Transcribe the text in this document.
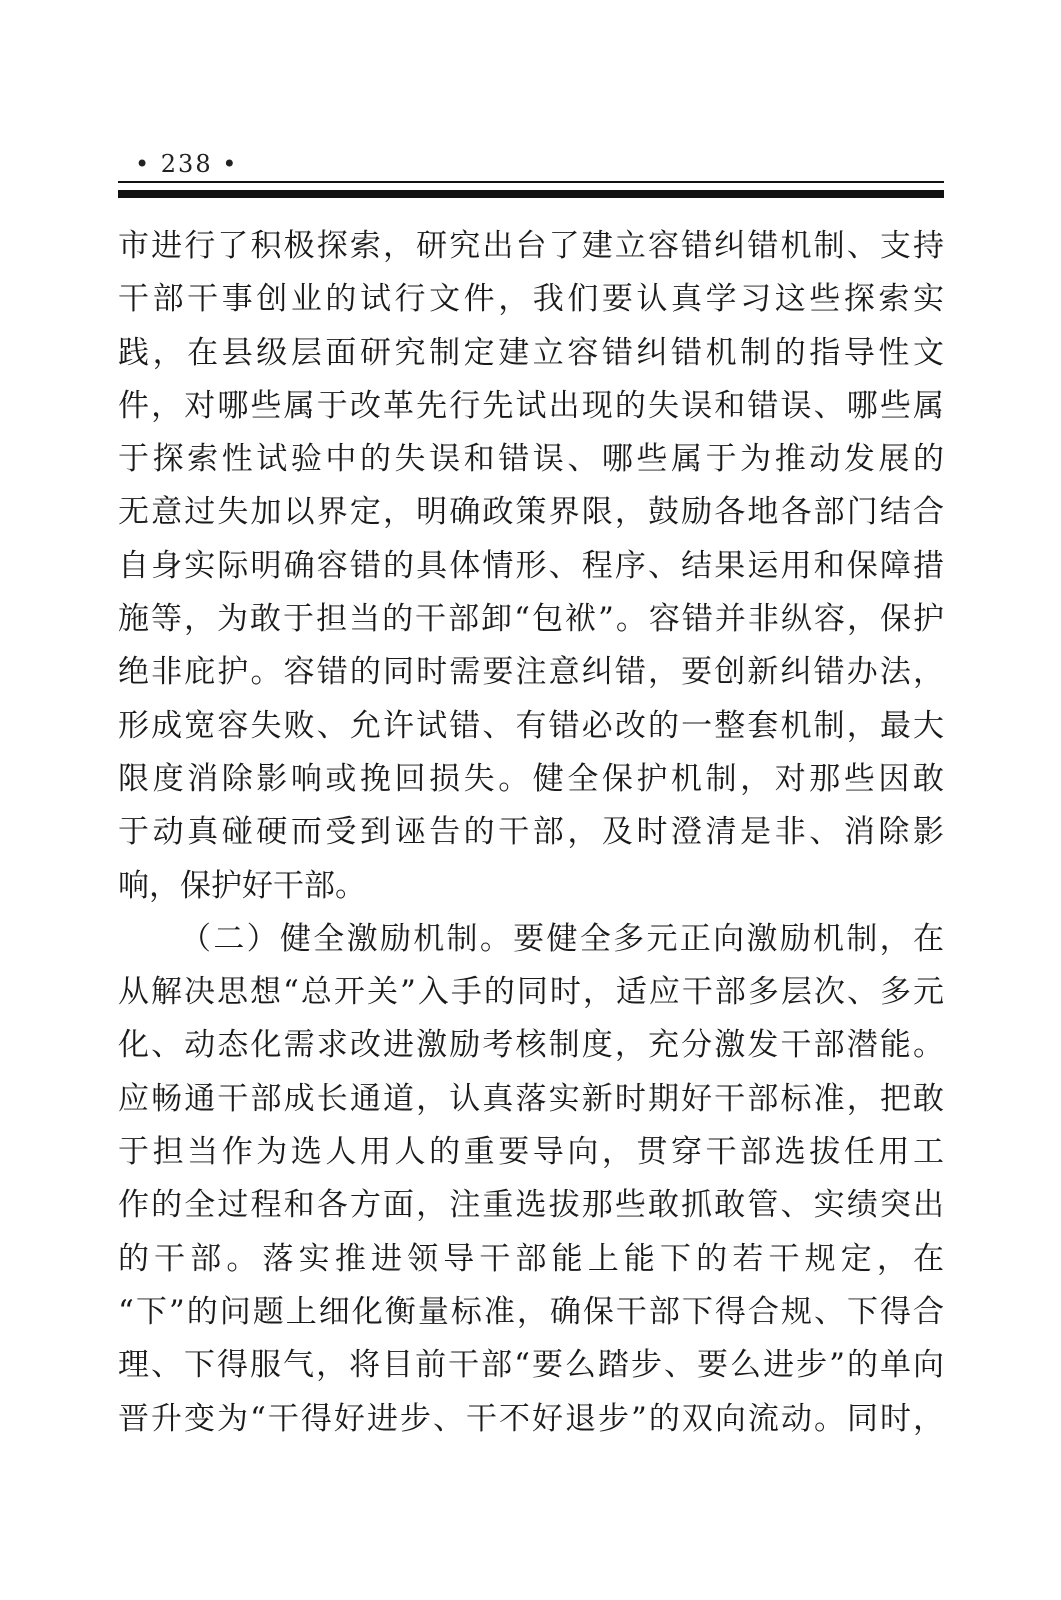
• 238 •
市进行了积极探索，研究出台了建立容错纠错机制、支持
干部干事创业的试行文件，我们要认真学习这些探索实
践，在县级层面研究制定建立容错纠错机制的指导性文
件，对哪些属于改革先行先试出现的失误和错误、哪些属
于探索性试验中的失误和错误、哪些属于为推动发展的
无意过失加以界定，明确政策界限，鼓励各地各部门结合
自身实际明确容错的具体情形、程序、结果运用和保障措
施等，为敢于担当的干部卸“包袱”。容错并非纵容，保护
绝非庇护。容错的同时需要注意纠错，要创新纠错办法，
形成宽容失败、允许试错、有错必改的一整套机制，最大
限度消除影响或挽回损失。健全保护机制，对那些因敢
于动真碰硬而受到诬告的干部，及时澄清是非、消除影
响，保护好干部。
（二）健全激励机制。要健全多元正向激励机制，在
从解决思想“总开关”入手的同时，适应干部多层次、多元
化、动态化需求改进激励考核制度，充分激发干部潜能。
应畅通干部成长通道，认真落实新时期好干部标准，把敢
于担当作为选人用人的重要导向，贯穿干部选拔任用工
作的全过程和各方面，注重选拔那些敢抓敢管、实绩突出
的干部。落实推进领导干部能上能下的若干规定，在
“下”的问题上细化衡量标准，确保干部下得合规、下得合
理、下得服气，将目前干部“要么踏步、要么进步”的单向
晋升变为“干得好进步、干不好退步”的双向流动。同时，
